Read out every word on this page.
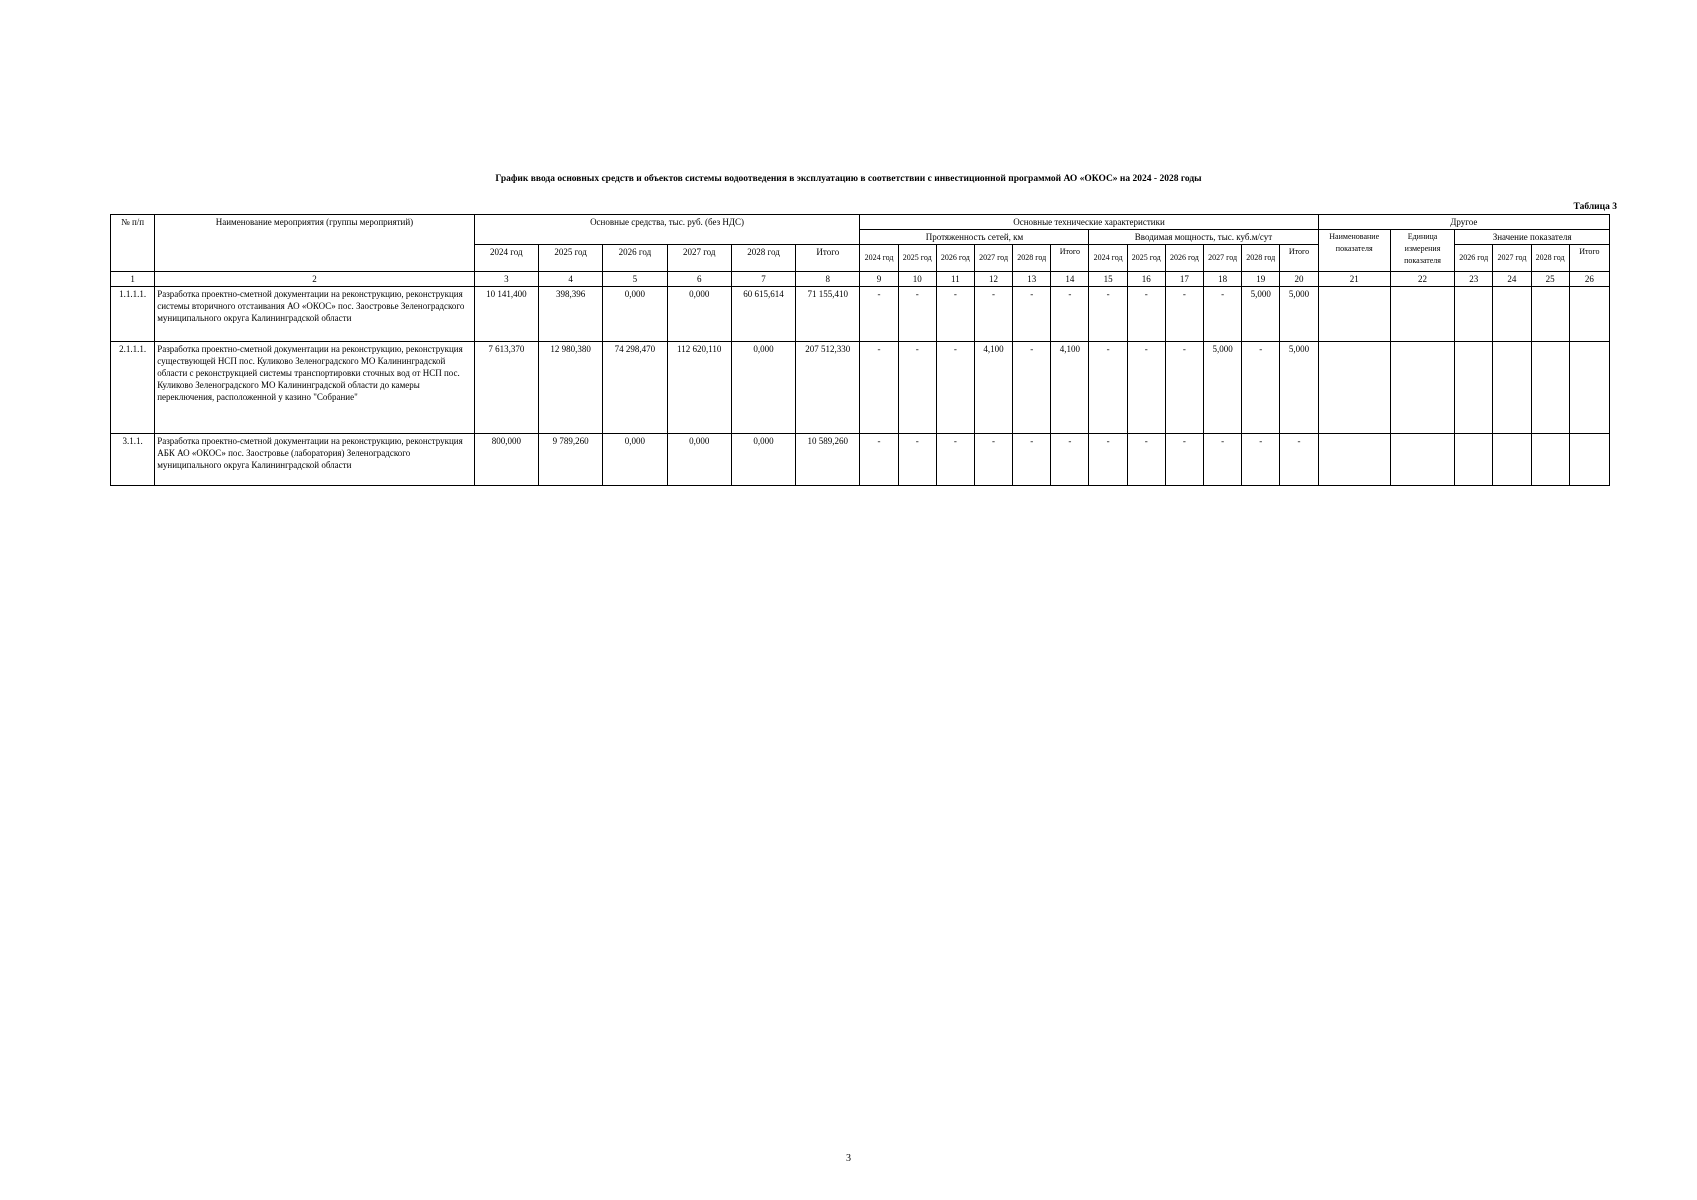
График ввода основных средств и объектов системы водоотведения в эксплуатацию в соответствии с инвестиционной программой АО «ОКОС» на 2024 - 2028 годы
Таблица 3
№ п/п	Наименование мероприятия (группы мероприятий)	Основные средства, тыс. руб. (без НДС)						Основные технические характеристики												Другое					
								Протяженность сетей, км						Вводимая мощность, тыс. куб.м/сут						Наименование показателя	Единица измерения показателя	Значение показателя			
		2024 год	2025 год	2026 год	2027 год	2028 год	Итого	2024 год	2025 год	2026 год	2027 год	2028 год	Итого	2024 год	2025 год	2026 год	2027 год	2028 год	Итого			2026 год	2027 год	2028 год	Итого
1	2	3	4	5	6	7	8	9	10	11	12	13	14	15	16	17	18	19	20	21	22	23	24	25	26
1.1.1.1.	Разработка проектно-сметной документации на реконструкцию, реконструкция системы вторичного отстаивания АО «ОКОС» пос. Заостровье Зеленоградского муниципального округа Калининградской области	10 141,400	398,396	0,000	0,000	60 615,614	71 155,410	-	-	-	-	-	-	-	-	-	-	5,000	5,000						
2.1.1.1.	Разработка проектно-сметной документации на реконструкцию, реконструкция существующей НСП пос. Куликово Зеленоградского МО Калининградской области с реконструкцией системы транспортировки сточных вод от НСП пос. Куликово Зеленоградского МО Калининградской области до камеры переключения, расположенной у казино "Собрание"	7 613,370	12 980,380	74 298,470	112 620,110	0,000	207 512,330	-	-	-	4,100	-	4,100	-	-	-	5,000	-	5,000						
3.1.1.	Разработка проектно-сметной документации на реконструкцию, реконструкция АБК АО «ОКОС» пос. Заостровье (лаборатория) Зеленоградского муниципального округа Калининградской области	800,000	9 789,260	0,000	0,000	0,000	10 589,260	-	-	-	-	-	-	-	-	-	-	-	-						
3
